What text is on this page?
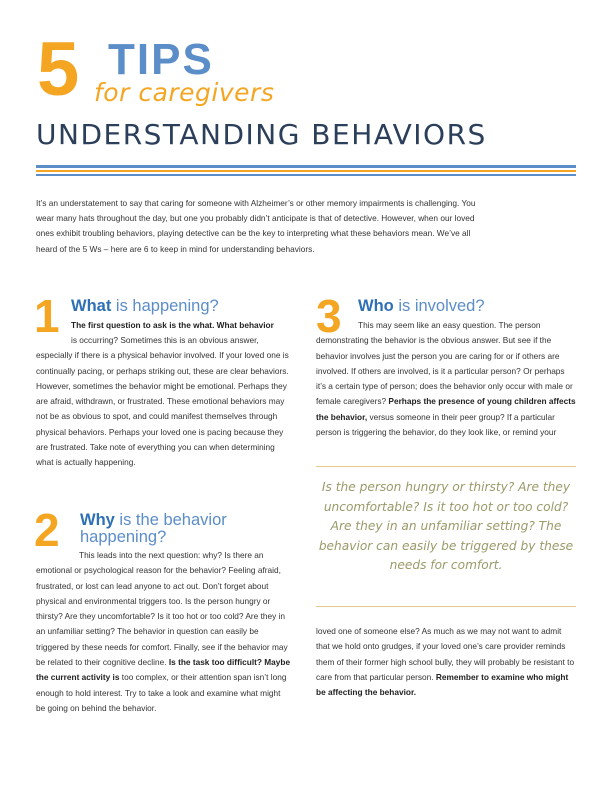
5 TIPS
for caregivers
UNDERSTANDING BEHAVIORS
It’s an understatement to say that caring for someone with Alzheimer’s or other memory impairments is challenging. You wear many hats throughout the day, but one you probably didn’t anticipate is that of detective. However, when our loved ones exhibit troubling behaviors, playing detective can be the key to interpreting what these behaviors mean. We’ve all heard of the 5 Ws – here are 6 to keep in mind for understanding behaviors.
1 What is happening?
The first question to ask is the what. What behavior

is occurring? Sometimes this is an obvious answer, especially if there is a physical behavior involved. If your loved one is continually pacing, or perhaps striking out, these are clear behaviors. However, sometimes the behavior might be emotional. Perhaps they are afraid, withdrawn, or frustrated. These emotional behaviors may not be as obvious to spot, and could manifest themselves through physical behaviors. Perhaps your loved one is pacing because they are frustrated. Take note of everything you can when determining what is actually happening.

2 Why is the behavior happening?

This leads into the next question: why? Is there an emotional or psychological reason for the behavior? Feeling afraid, frustrated, or lost can lead anyone to act out. Don’t forget about physical and environmental triggers too. Is the person hungry or thirsty? Are they uncomfortable? Is it too hot or too cold? Are they in an unfamiliar setting? The behavior in question can easily be triggered by these needs for comfort. Finally, see if the behavior may be related to their cognitive decline. Is the task too difficult? Maybe the current activity is too complex, or their attention span isn’t long enough to hold interest. Try to take a look and examine what might be going on behind the behavior.

3 Who is involved?

This may seem like an easy question. The person demonstrating the behavior is the obvious answer. But see if the behavior involves just the person you are caring for or if others are involved. If others are involved, is it a particular person? Or perhaps it’s a certain type of person; does the behavior only occur with male or female caregivers? Perhaps the presence of young children affects the behavior, versus someone in their peer group? If a particular person is triggering the behavior, do they look like, or remind your

Is the person hungry or thirsty? Are they uncomfortable? Is it too hot or too cold? Are they in an unfamiliar setting? The behavior can easily be triggered by these needs for comfort.

loved one of someone else? As much as we may not want to admit that we hold onto grudges, if your loved one’s care provider reminds them of their former high school bully, they will probably be resistant to care from that particular person. Remember to examine who might be affecting the behavior.
